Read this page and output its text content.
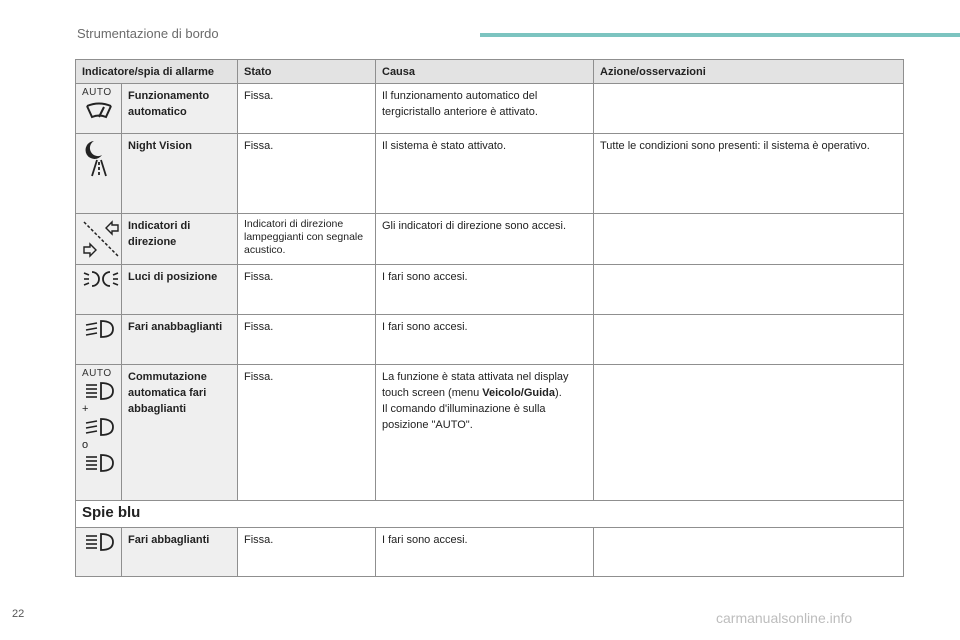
Strumentazione di bordo
Indicatore/spia di allarme		Stato	Causa	Azione/osservazioni

AUTO	Funzionamento automatico	Fissa.	Il funzionamento automatico del tergicristallo anteriore è attivato.	

	Night Vision	Fissa.	Il sistema è stato attivato.	Tutte le condizioni sono presenti: il sistema è operativo.

	Indicatori di direzione	Indicatori di direzione lampeggianti con segnale acustico.	Gli indicatori di direzione sono accesi.	

	Luci di posizione	Fissa.	I fari sono accesi.	

	Fari anabbaglianti	Fissa.	I fari sono accesi.	

AUTO
+
o	Commutazione automatica fari abbaglianti	Fissa.	La funzione è stata attivata nel display touch screen (menu Veicolo/Guida).
Il comando d'illuminazione è sulla posizione "AUTO".	
Spie blu				

	Fari abbaglianti	Fissa.	I fari sono accesi.	
22	carmanualsonline.info
